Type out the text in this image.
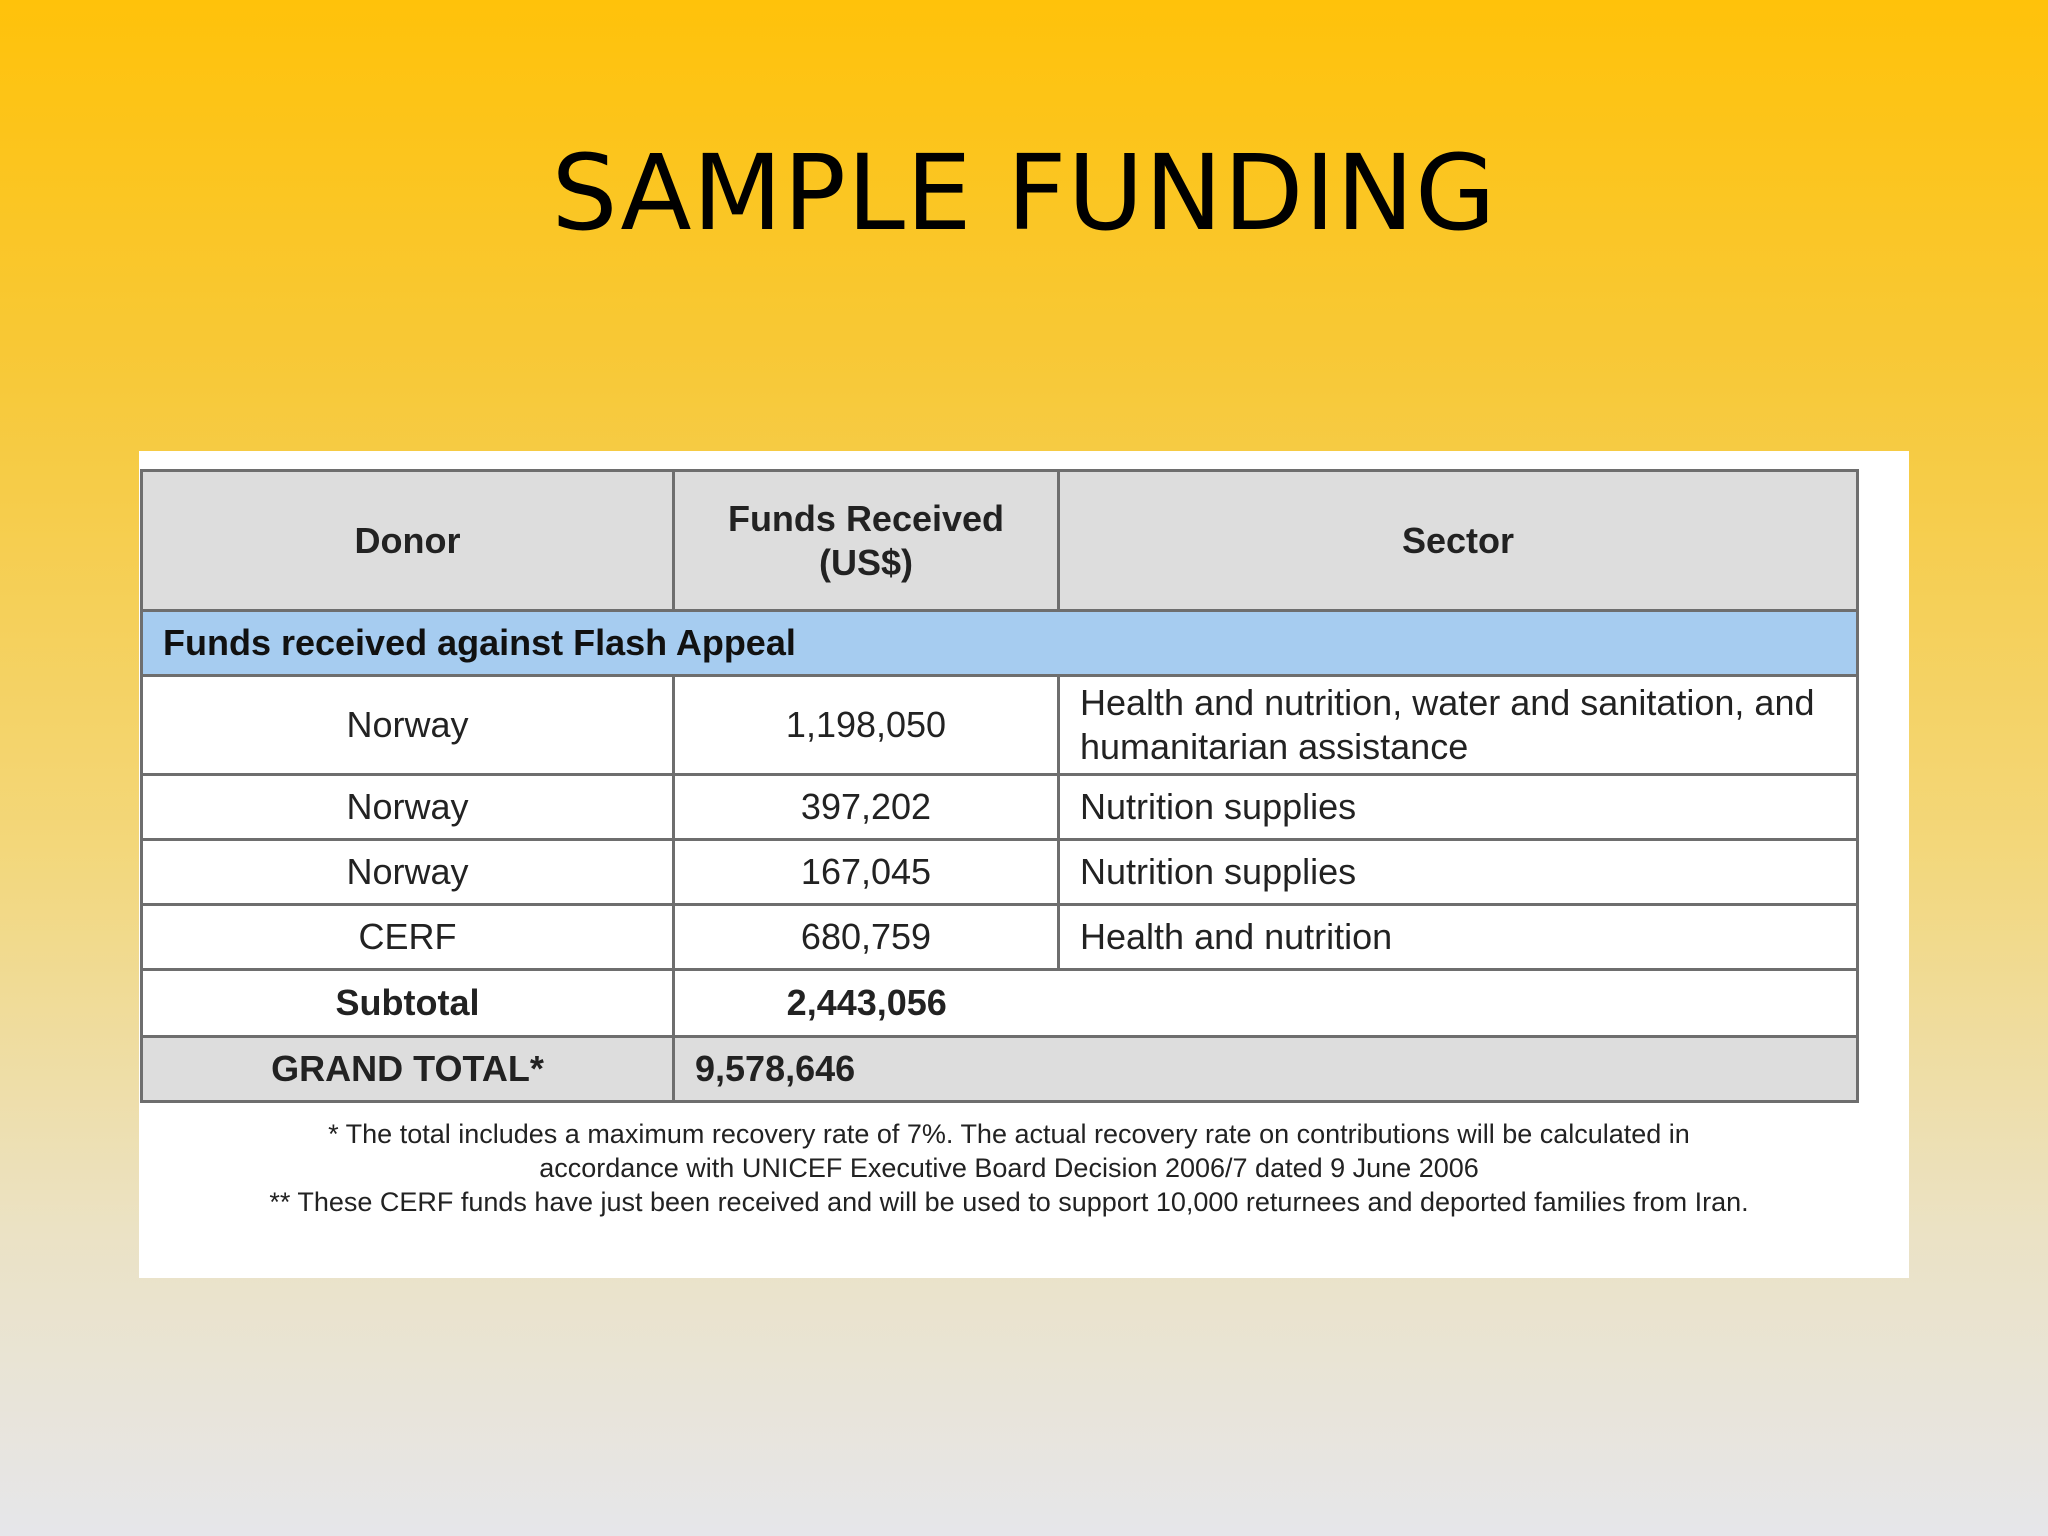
SAMPLE FUNDING
Donor	Funds Received (US$)	Sector
Funds received against Flash Appeal		
Norway	1,198,050	Health and nutrition, water and sanitation, and humanitarian assistance
Norway	397,202	Nutrition supplies
Norway	167,045	Nutrition supplies
CERF	680,759	Health and nutrition
Subtotal	2,443,056	
GRAND TOTAL*	9,578,646	

* The total includes a maximum recovery rate of 7%. The actual recovery rate on contributions will be calculated in accordance with UNICEF Executive Board Decision 2006/7 dated 9 June 2006

** These CERF funds have just been received and will be used to support 10,000 returnees and deported families from Iran.
